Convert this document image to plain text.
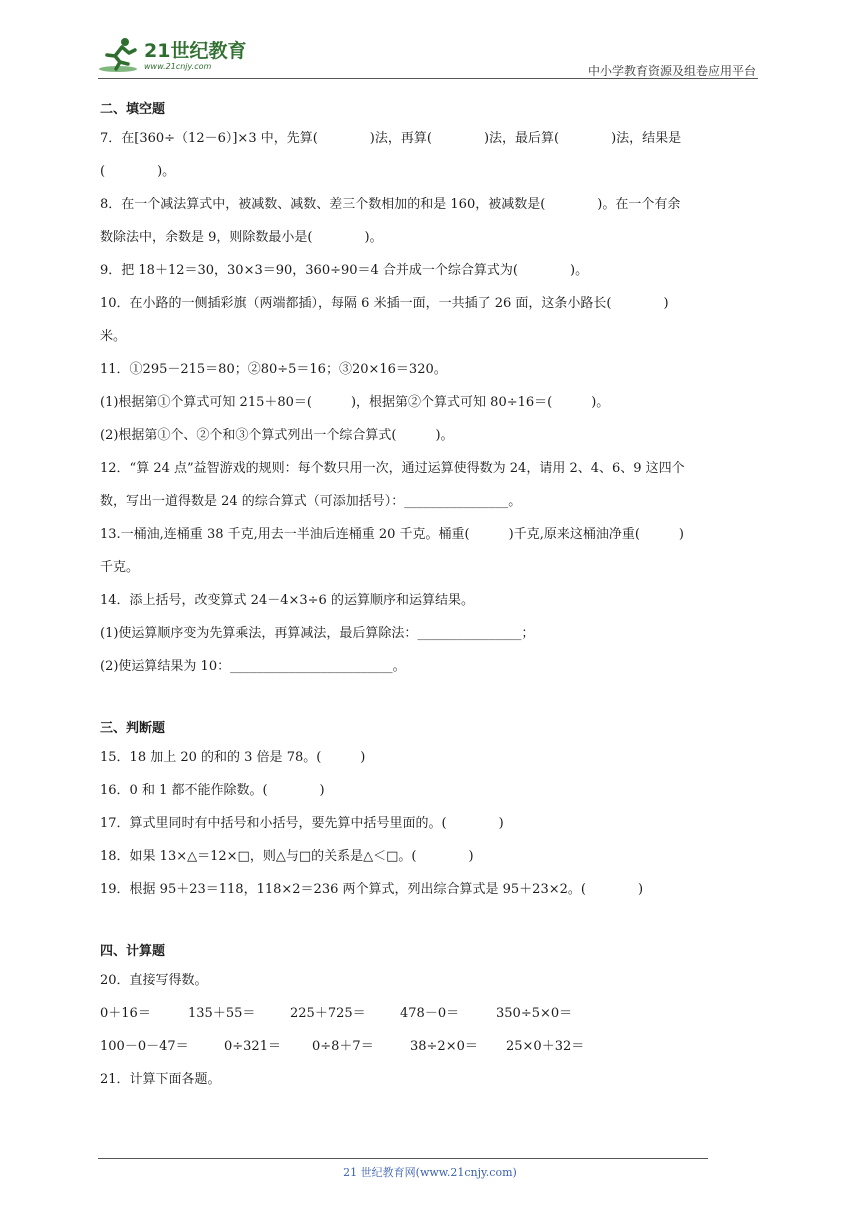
21世纪教育
www.21cnjy.com	中小学教育资源及组卷应用平台
二、填空题
7．在[360÷（12－6）]×3 中，先算(　　　　)法，再算(　　　　)法，最后算(　　　　)法，结果是
(　　　　)。
8．在一个减法算式中，被减数、减数、差三个数相加的和是 160，被减数是(　　　　)。在一个有余
数除法中，余数是 9，则除数最小是(　　　　)。
9．把 18＋12＝30，30×3＝90，360÷90＝4 合并成一个综合算式为(　　　　)。
10．在小路的一侧插彩旗（两端都插），每隔 6 米插一面，一共插了 26 面，这条小路长(　　　　)
米。
11．①295－215＝80；②80÷5＝16；③20×16＝320。
(1)根据第①个算式可知 215＋80＝(　　　)，根据第②个算式可知 80÷16＝(　　　)。
(2)根据第①个、②个和③个算式列出一个综合算式(　　　)。
12．“算 24 点”益智游戏的规则：每个数只用一次，通过运算使得数为 24，请用 2、4、6、9 这四个
数，写出一道得数是 24 的综合算式（可添加括号）：________________。
13.一桶油,连桶重 38 千克,用去一半油后连桶重 20 千克。桶重(　　　)千克,原来这桶油净重(　　　)
千克。
14．添上括号，改变算式 24－4×3÷6 的运算顺序和运算结果。
(1)使运算顺序变为先算乘法，再算减法，最后算除法：________________；
(2)使运算结果为 10：_________________________。
三、判断题
15．18 加上 20 的和的 3 倍是 78。(　　　)
16．0 和 1 都不能作除数。(　　　　)
17．算式里同时有中括号和小括号，要先算中括号里面的。(　　　　)
18．如果 13×△＝12×□，则△与□的关系是△＜□。(　　　　)
19．根据 95＋23＝118，118×2＝236 两个算式，列出综合算式是 95＋23×2。(　　　　)
四、计算题
20．直接写得数。
0＋16＝	135＋55＝	225＋725＝	478－0＝	350÷5×0＝
100－0－47＝	0÷321＝	0÷8＋7＝	38÷2×0＝	25×0＋32＝
21．计算下面各题。
21 世纪教育网(www.21cnjy.com)
